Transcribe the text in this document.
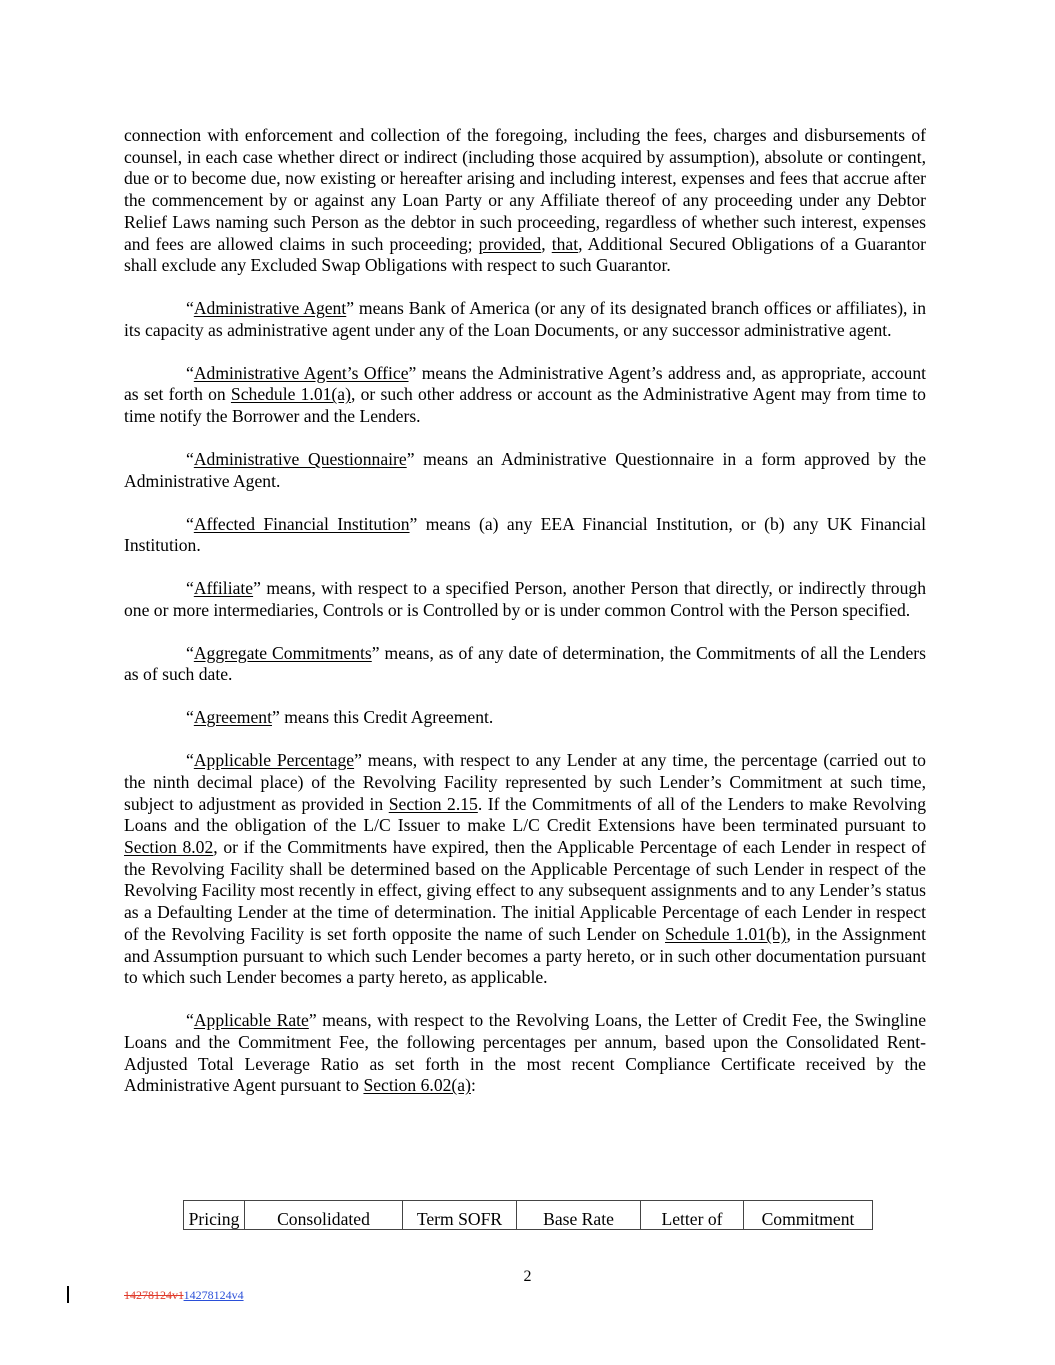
connection with enforcement and collection of the foregoing, including the fees, charges and disbursements of counsel, in each case whether direct or indirect (including those acquired by assumption), absolute or contingent, due or to become due, now existing or hereafter arising and including interest, expenses and fees that accrue after the commencement by or against any Loan Party or any Affiliate thereof of any proceeding under any Debtor Relief Laws naming such Person as the debtor in such proceeding, regardless of whether such interest, expenses and fees are allowed claims in such proceeding; provided, that, Additional Secured Obligations of a Guarantor shall exclude any Excluded Swap Obligations with respect to such Guarantor.

“Administrative Agent” means Bank of America (or any of its designated branch offices or affiliates), in its capacity as administrative agent under any of the Loan Documents, or any successor administrative agent.

“Administrative Agent’s Office” means the Administrative Agent’s address and, as appropriate, account as set forth on Schedule 1.01(a), or such other address or account as the Administrative Agent may from time to time notify the Borrower and the Lenders.

“Administrative Questionnaire” means an Administrative Questionnaire in a form approved by the Administrative Agent.

“Affected Financial Institution” means (a) any EEA Financial Institution, or (b) any UK Financial Institution.

“Affiliate” means, with respect to a specified Person, another Person that directly, or indirectly through one or more intermediaries, Controls or is Controlled by or is under common Control with the Person specified.

“Aggregate Commitments” means, as of any date of determination, the Commitments of all the Lenders as of such date.

“Agreement” means this Credit Agreement.

“Applicable Percentage” means, with respect to any Lender at any time, the percentage (carried out to the ninth decimal place) of the Revolving Facility represented by such Lender’s Commitment at such time, subject to adjustment as provided in Section 2.15. If the Commitments of all of the Lenders to make Revolving Loans and the obligation of the L/C Issuer to make L/C Credit Extensions have been terminated pursuant to Section 8.02, or if the Commitments have expired, then the Applicable Percentage of each Lender in respect of the Revolving Facility shall be determined based on the Applicable Percentage of such Lender in respect of the Revolving Facility most recently in effect, giving effect to any subsequent assignments and to any Lender’s status as a Defaulting Lender at the time of determination. The initial Applicable Percentage of each Lender in respect of the Revolving Facility is set forth opposite the name of such Lender on Schedule 1.01(b), in the Assignment and Assumption pursuant to which such Lender becomes a party hereto, or in such other documentation pursuant to which such Lender becomes a party hereto, as applicable.

“Applicable Rate” means, with respect to the Revolving Loans, the Letter of Credit Fee, the Swingline Loans and the Commitment Fee, the following percentages per annum, based upon the Consolidated Rent-Adjusted Total Leverage Ratio as set forth in the most recent Compliance Certificate received by the Administrative Agent pursuant to Section 6.02(a):

Pricing	Consolidated	Term SOFR	Base Rate	Letter of	Commitment
2
14278124v114278124v4
